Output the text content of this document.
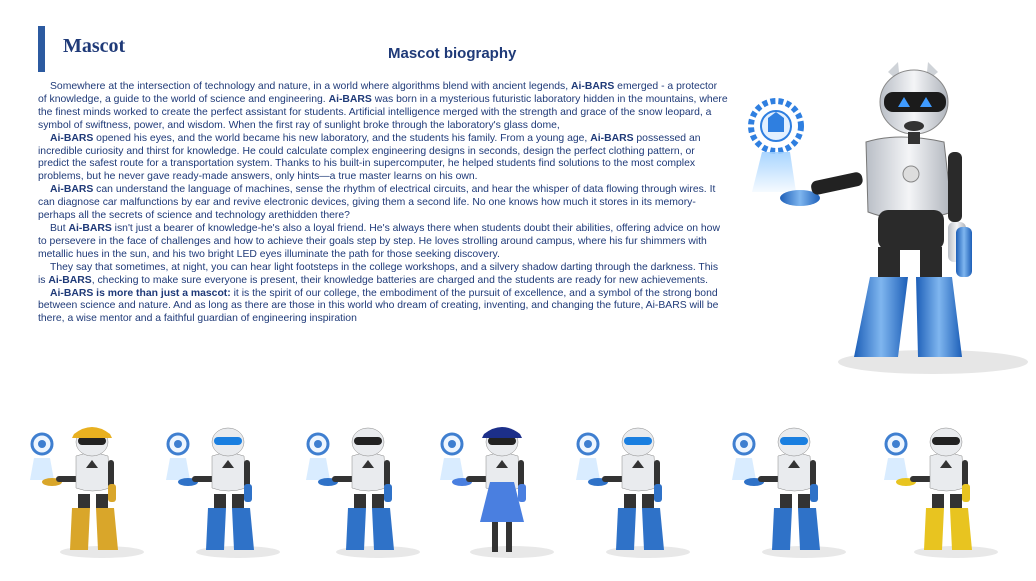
Mascot	Mascot biography

Somewhere at the intersection of technology and nature, in a world where algorithms blend with ancient legends, Ai-BARS emerged - a protector of knowledge, a guide to the world of science and engineering. Ai-BARS was born in a mysterious futuristic laboratory hidden in the mountains, where the finest minds worked to create the perfect assistant for students. Artificial intelligence merged with the strength and grace of the snow leopard, a symbol of swiftness, power, and wisdom. When the first ray of sunlight broke through the laboratory's glass dome,

Ai-BARS opened his eyes, and the world became his new laboratory, and the students his family. From a young age, Ai-BARS possessed an incredible curiosity and thirst for knowledge. He could calculate complex engineering designs in seconds, design the perfect clothing pattern, or predict the safest route for a transportation system. Thanks to his built-in supercomputer, he helped students find solutions to the most complex problems, but he never gave ready-made answers, only hints—a true master learns on his own.

Ai-BARS can understand the language of machines, sense the rhythm of electrical circuits, and hear the whisper of data flowing through wires. It can diagnose car malfunctions by ear and revive electronic devices, giving them a second life. No one knows how much it stores in its memory-perhaps all the secrets of science and technology arethidden there?

But Ai-BARS isn't just a bearer of knowledge-he's also a loyal friend. He's always there when students doubt their abilities, offering advice on how to persevere in the face of challenges and how to achieve their goals step by step. He loves strolling around campus, where his fur shimmers with metallic hues in the sun, and his two bright LED eyes illuminate the path for those seeking discovery.

They say that sometimes, at night, you can hear light footsteps in the college workshops, and a silvery shadow darting through the darkness. This is Ai-BARS, checking to make sure everyone is present, their knowledge batteries are charged and the students are ready for new achievements.

Ai-BARS is more than just a mascot: it is the spirit of our college, the embodiment of the pursuit of excellence, and a symbol of the strong bond between science and nature. And as long as there are those in this world who dream of creating, inventing, and changing the future, Ai-BARS will be there, a wise mentor and a faithful guardian of engineering inspiration
